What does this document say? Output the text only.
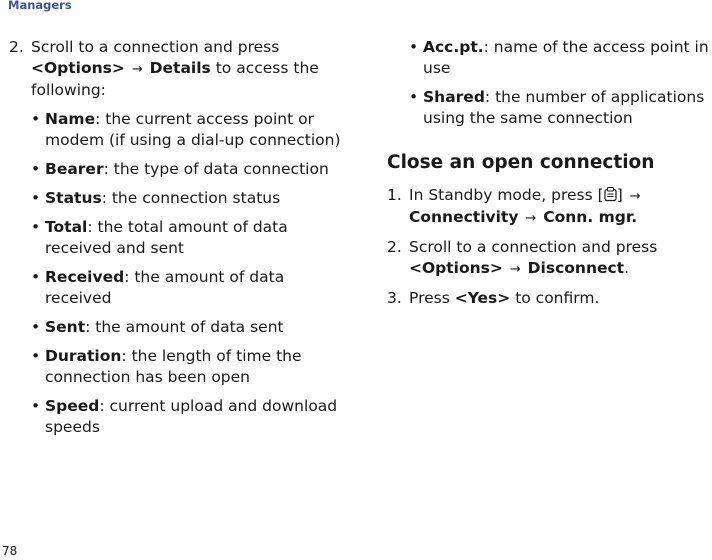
Managers
2. Scroll to a connection and press <Options> → Details to access the following:
• Name: the current access point or modem (if using a dial-up connection)
• Bearer: the type of data connection
• Status: the connection status
• Total: the total amount of data received and sent
• Received: the amount of data received
• Sent: the amount of data sent
• Duration: the length of time the connection has been open
• Speed: current upload and download speeds
• Acc.pt.: name of the access point in use
• Shared: the number of applications using the same connection
Close an open connection
1. In Standby mode, press [ ] → Connectivity → Conn. mgr.
2. Scroll to a connection and press <Options> → Disconnect.
3. Press <Yes> to confirm.
78
